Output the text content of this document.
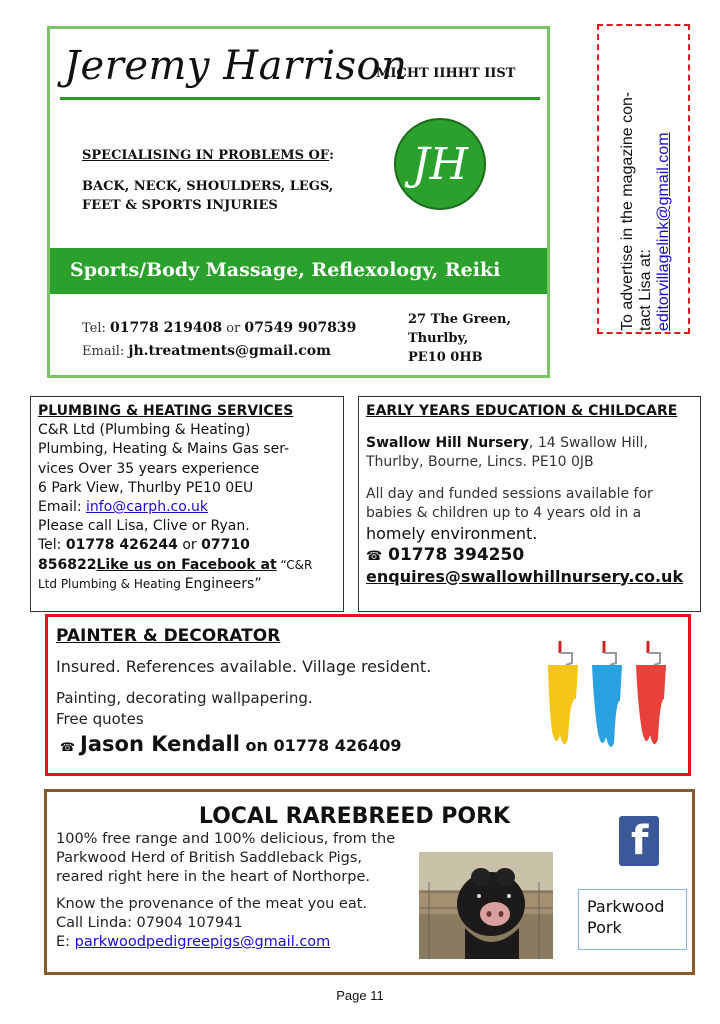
Jeremy Harrison
MICHT IIHHT IIST
SPECIALISING IN PROBLEMS OF:
BACK, NECK, SHOULDERS, LEGS,
FEET & SPORTS INJURIES
JH
Sports/Body Massage, Reflexology, Reiki
Tel: 01778 219408 or 07549 907839
Email: jh.treatments@gmail.com
27 The Green,
Thurlby,
PE10 0HB
To advertise in the magazine con- tact Lisa at: editorvillagelink@gmail.com
PLUMBING & HEATING SERVICES
C&R Ltd (Plumbing & Heating)
Plumbing, Heating & Mains Gas ser-
vices Over 35 years experience
6 Park View, Thurlby PE10 0EU
Email: info@carph.co.uk
Please call Lisa, Clive or Ryan.
Tel: 01778 426244 or 07710
856822Like us on Facebook at “C&R
Ltd Plumbing & Heating Engineers”
EARLY YEARS EDUCATION & CHILDCARE
Swallow Hill Nursery, 14 Swallow Hill,
Thurlby, Bourne, Lincs. PE10 0JB
All day and funded sessions available for
babies & children up to 4 years old in a
homely environment.
☎ 01778 394250
enquires@swallowhillnursery.co.uk
PAINTER & DECORATOR
Insured. References available. Village resident.
Painting, decorating wallpapering.
Free quotes
☎ Jason Kendall on 01778 426409
LOCAL RAREBREED PORK

100% free range and 100% delicious, from the
Parkwood Herd of British Saddleback Pigs,
reared right here in the heart of Northorpe.

Know the provenance of the meat you eat.
Call Linda: 07904 107941
E: parkwoodpedigreepigs@gmail.com

f
Parkwood
Pork
Page 11
